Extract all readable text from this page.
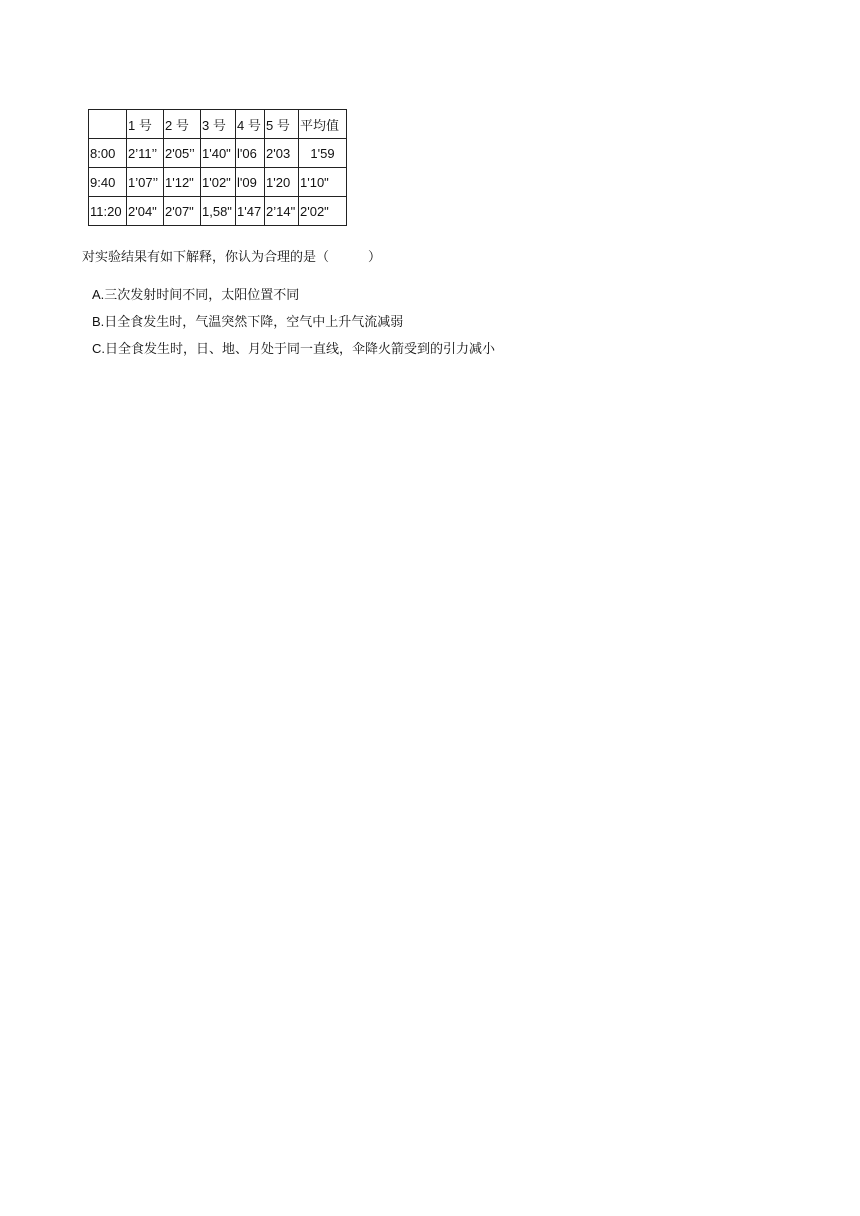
	1 号	2 号	3 号	4 号	5 号	平均值
8:00	2’11’’	2'05’’	1'40"	l'06	2'03	1'59
9:40	1’07’’	1'12"	1'02"	l'09	1'20	1'10"
11:20	2'04"	2'07"	1,58"	1'47	2’14"	2'02"
对实验结果有如下解释，你认为合理的是（　　　）
A.三次发射时间不同，太阳位置不同
B.日全食发生时，气温突然下降，空气中上升气流减弱
C.日全食发生时，日、地、月处于同一直线，伞降火箭受到的引力减小
